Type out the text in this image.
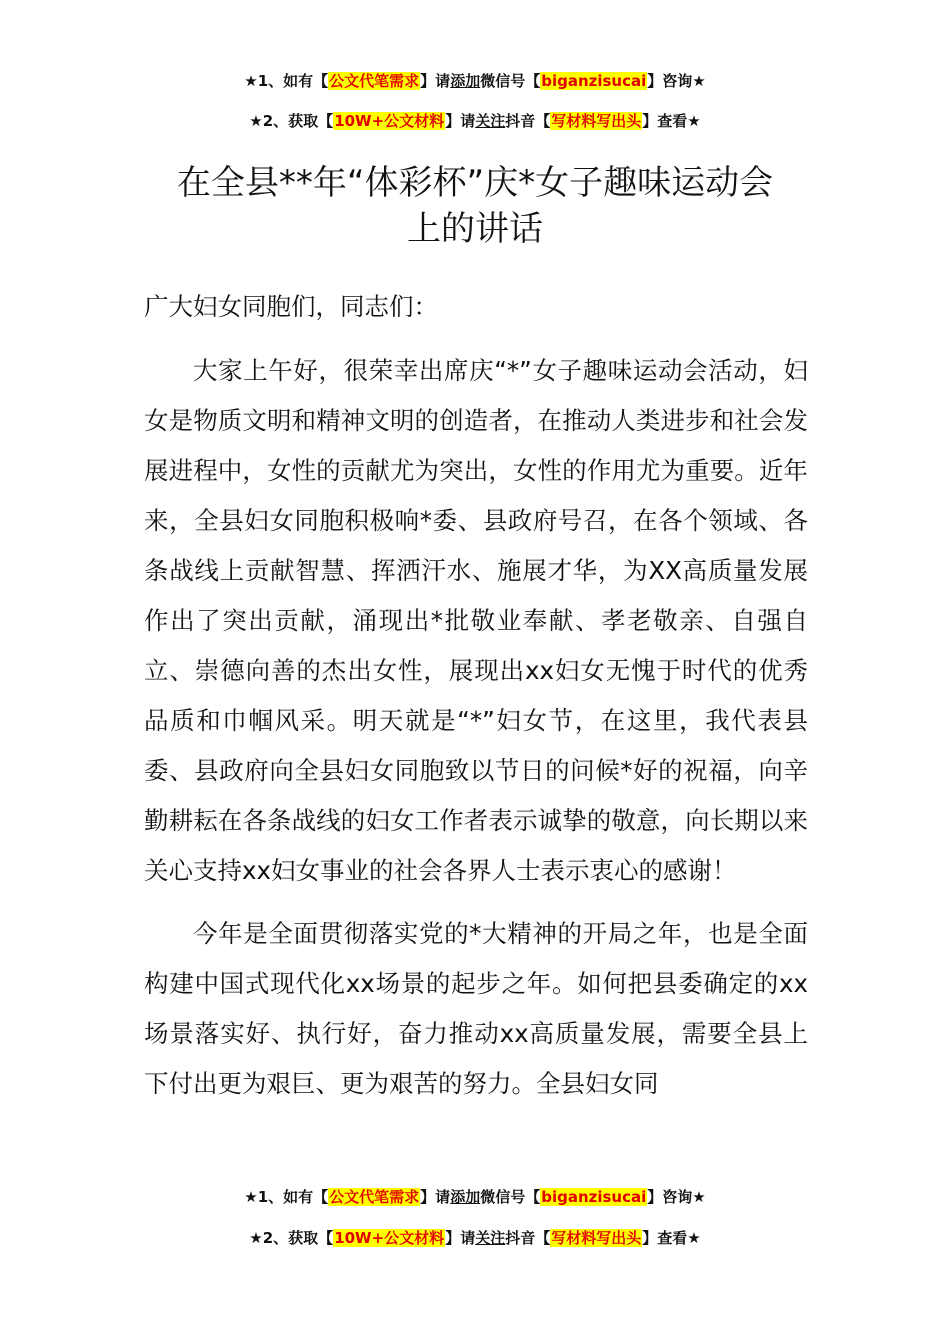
★1、如有【公文代笔需求】请添加微信号【biganzisucai】咨询★
★2、获取【10W+公文材料】请关注抖音【写材料写出头】查看★
在全县**年“体彩杯”庆*女子趣味运动会
上的讲话

广大妇女同胞们，同志们：

大家上午好，很荣幸出席庆“*”女子趣味运动会活动，妇女是物质文明和精神文明的创造者，在推动人类进步和社会发展进程中，女性的贡献尤为突出，女性的作用尤为重要。近年来，全县妇女同胞积极响*委、县政府号召，在各个领域、各条战线上贡献智慧、挥洒汗水、施展才华，为XX高质量发展作出了突出贡献，涌现出*批敬业奉献、孝老敬亲、自强自立、崇德向善的杰出女性，展现出xx妇女无愧于时代的优秀品质和巾帼风采。明天就是“*”妇女节，在这里，我代表县委、县政府向全县妇女同胞致以节日的问候*好的祝福，向辛勤耕耘在各条战线的妇女工作者表示诚挚的敬意，向长期以来关心支持xx妇女事业的社会各界人士表示衷心的感谢！

今年是全面贯彻落实党的*大精神的开局之年，也是全面构建中国式现代化xx场景的起步之年。如何把县委确定的xx场景落实好、执行好，奋力推动xx高质量发展，需要全县上下付出更为艰巨、更为艰苦的努力。全县妇女同

★1、如有【公文代笔需求】请添加微信号【biganzisucai】咨询★
★2、获取【10W+公文材料】请关注抖音【写材料写出头】查看★
